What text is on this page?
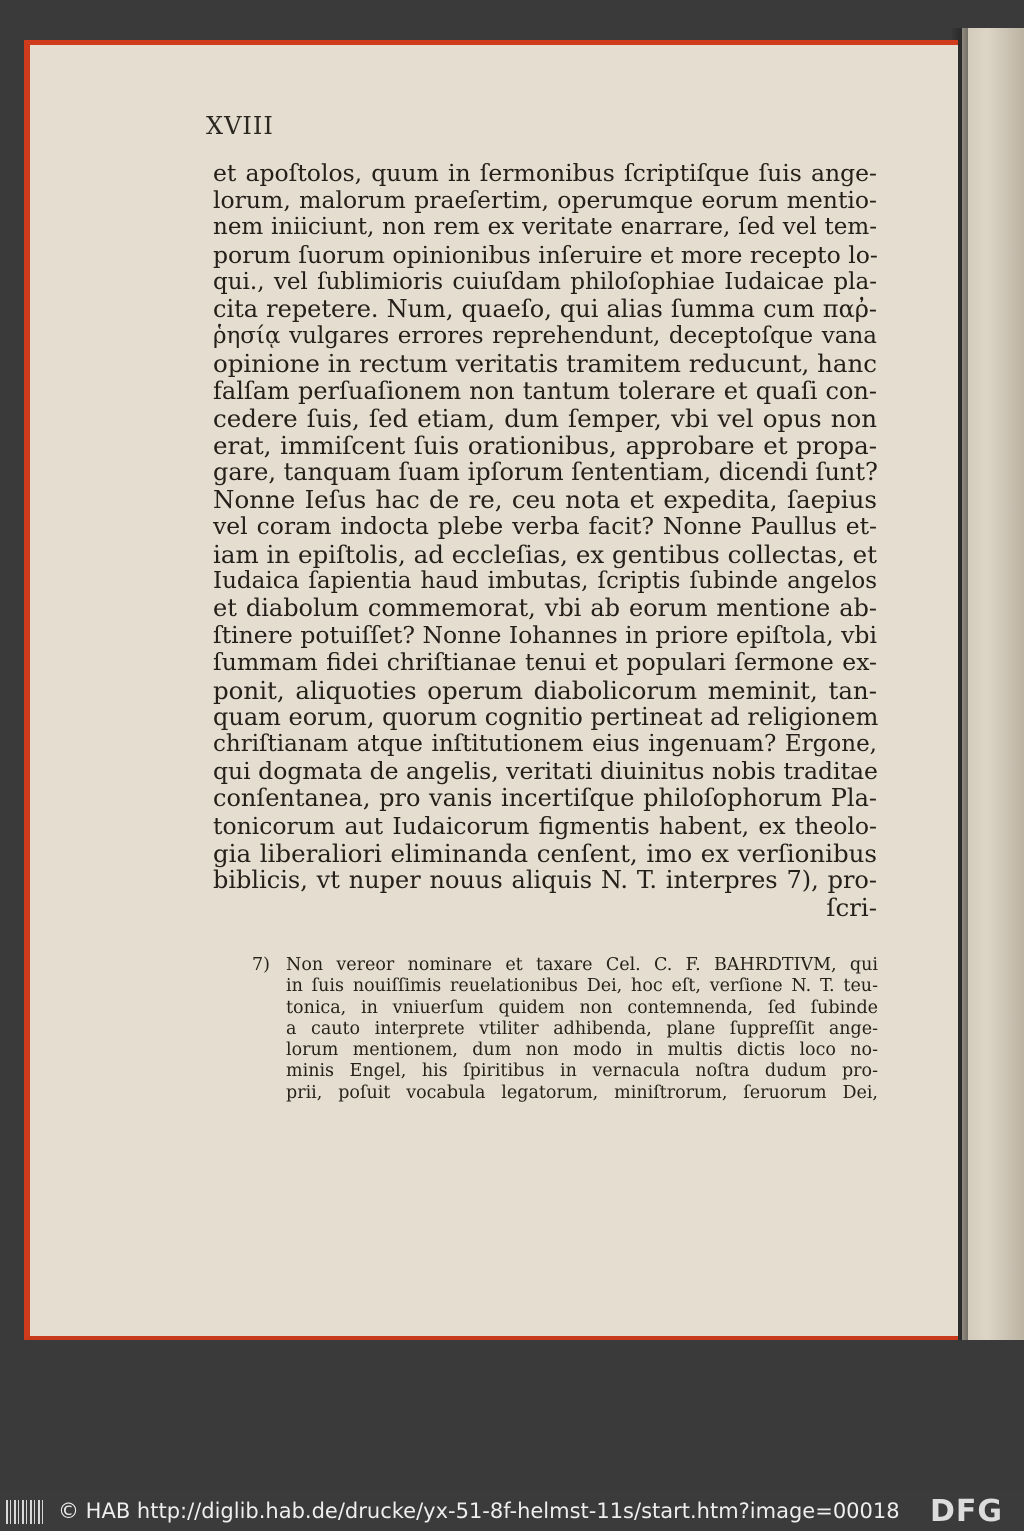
XVIII
et apoſtolos, quum in ſermonibus ſcriptiſque ſuis ange-
lorum, malorum praeſertim, operumque eorum mentio-
nem iniiciunt, non rem ex veritate enarrare, ſed vel tem-
porum ſuorum opinionibus inſeruire et more recepto lo-
qui., vel ſublimioris cuiuſdam philoſophiae Iudaicae pla-
cita repetere. Num, quaeſo, qui alias ſumma cum παῤ-
ῥησίᾳ vulgares errores reprehendunt, deceptoſque vana
opinione in rectum veritatis tramitem reducunt, hanc
falſam perſuaſionem non tantum tolerare et quaſi con-
cedere ſuis, ſed etiam, dum ſemper, vbi vel opus non
erat, immiſcent ſuis orationibus, approbare et propa-
gare, tanquam ſuam ipſorum ſententiam, dicendi ſunt?
Nonne Ieſus hac de re, ceu nota et expedita, ſaepius
vel coram indocta plebe verba facit? Nonne Paullus et-
iam in epiſtolis, ad eccleſias, ex gentibus collectas, et
Iudaica ſapientia haud imbutas, ſcriptis ſubinde angelos
et diabolum commemorat, vbi ab eorum mentione ab-
ſtinere potuiſſet? Nonne Iohannes in priore epiſtola, vbi
ſummam fidei chriſtianae tenui et populari ſermone ex-
ponit, aliquoties operum diabolicorum meminit, tan-
quam eorum, quorum cognitio pertineat ad religionem
chriſtianam atque inſtitutionem eius ingenuam? Ergone,
qui dogmata de angelis, veritati diuinitus nobis traditae
conſentanea, pro vanis incertiſque philoſophorum Pla-
tonicorum aut Iudaicorum figmentis habent, ex theolo-
gia liberaliori eliminanda cenſent, imo ex verſionibus
biblicis, vt nuper nouus aliquis N. T. interpres 7), pro-
ſcri-
7) Non vereor nominare et taxare Cel. C. F. BAHRDTIVM, qui
in ſuis nouiſſimis reuelationibus Dei, hoc eſt, verſione N. T. teu-
tonica, in vniuerſum quidem non contemnenda, ſed ſubinde
a cauto interprete vtiliter adhibenda, plane ſuppreſſit ange-
lorum mentionem, dum non modo in multis dictis loco no-
minis Engel, his ſpiritibus in vernacula noſtra dudum pro-
prii, poſuit vocabula legatorum, miniſtrorum, ſeruorum Dei,
© HAB http://diglib.hab.de/drucke/yx-51-8f-helmst-11s/start.htm?image=00018 DFG
